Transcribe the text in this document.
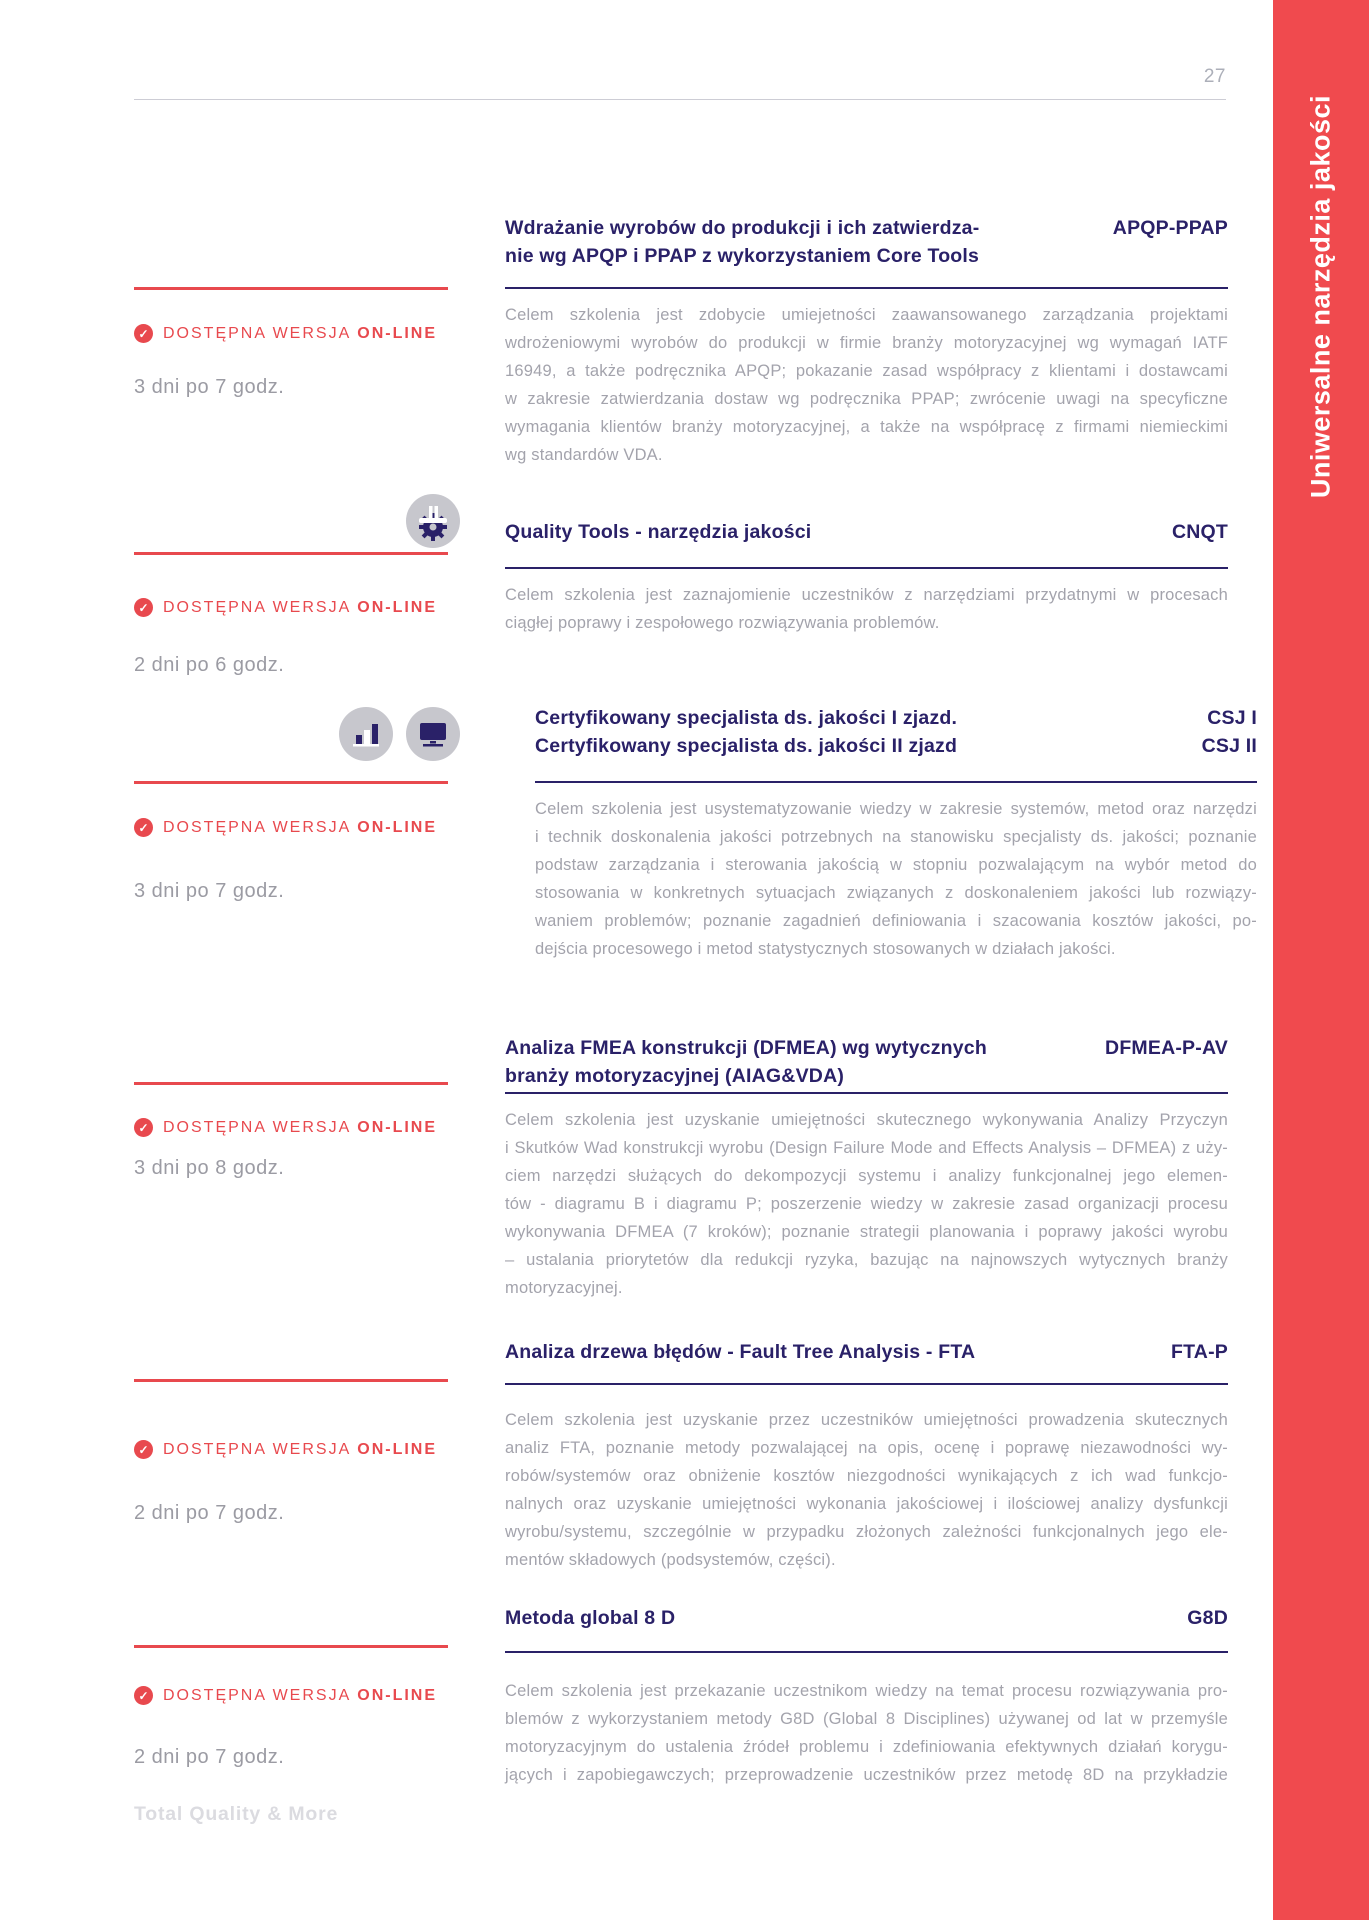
27
Uniwersalne narzędzia jakości
Wdrażanie wyrobów do produkcji i ich zatwierdza-
nie wg APQP i PPAP z wykorzystaniem Core Tools
APQP-PPAP
Celem szkolenia jest zdobycie umiejetności zaawansowanego zarządzania projektami
wdrożeniowymi wyrobów do produkcji w firmie branży motoryzacyjnej wg wymagań IATF
16949, a także podręcznika APQP; pokazanie zasad współpracy z klientami i dostawcami
w zakresie zatwierdzania dostaw wg podręcznika PPAP; zwrócenie uwagi na specyficzne
wymagania klientów branży motoryzacyjnej, a także na współpracę z firmami niemieckimi
wg standardów VDA.
✓ DOSTĘPNA WERSJA ON-LINE
3 dni po 7 godz.
Quality Tools - narzędzia jakości	CNQT
Celem szkolenia jest zaznajomienie uczestników z narzędziami przydatnymi w procesach
ciągłej poprawy i zespołowego rozwiązywania problemów.
✓ DOSTĘPNA WERSJA ON-LINE
2 dni po 6 godz.
Certyfikowany specjalista ds. jakości I zjazd.
Certyfikowany specjalista ds. jakości II zjazd
CSJ I
CSJ II
Celem szkolenia jest usystematyzowanie wiedzy w zakresie systemów, metod oraz narzędzi
i technik doskonalenia jakości potrzebnych na stanowisku specjalisty ds. jakości; poznanie
podstaw zarządzania i sterowania jakością w stopniu pozwalającym na wybór metod do
stosowania w konkretnych sytuacjach związanych z doskonaleniem jakości lub rozwiązy-
waniem problemów; poznanie zagadnień definiowania i szacowania kosztów jakości, po-
dejścia procesowego i metod statystycznych stosowanych w działach jakości.
✓ DOSTĘPNA WERSJA ON-LINE
3 dni po 7 godz.
Analiza FMEA konstrukcji (DFMEA) wg wytycznych
branży motoryzacyjnej (AIAG&VDA)
DFMEA-P-AV
Celem szkolenia jest uzyskanie umiejętności skutecznego wykonywania Analizy Przyczyn
i Skutków Wad konstrukcji wyrobu (Design Failure Mode and Effects Analysis – DFMEA) z uży-
ciem narzędzi służących do dekompozycji systemu i analizy funkcjonalnej jego elemen-
tów - diagramu B i diagramu P; poszerzenie wiedzy w zakresie zasad organizacji procesu
wykonywania DFMEA (7 kroków); poznanie strategii planowania i poprawy jakości wyrobu
– ustalania priorytetów dla redukcji ryzyka, bazując na najnowszych wytycznych branży
motoryzacyjnej.
✓ DOSTĘPNA WERSJA ON-LINE
3 dni po 8 godz.
Analiza drzewa błędów - Fault Tree Analysis - FTA	FTA-P
Celem szkolenia jest uzyskanie przez uczestników umiejętności prowadzenia skutecznych
analiz FTA, poznanie metody pozwalającej na opis, ocenę i poprawę niezawodności wy-
robów/systemów oraz obniżenie kosztów niezgodności wynikających z ich wad funkcjo-
nalnych oraz uzyskanie umiejętności wykonania jakościowej i ilościowej analizy dysfunkcji
wyrobu/systemu, szczególnie w przypadku złożonych zależności funkcjonalnych jego ele-
mentów składowych (podsystemów, części).
✓ DOSTĘPNA WERSJA ON-LINE
2 dni po 7 godz.
Metoda global 8 D	G8D
Celem szkolenia jest przekazanie uczestnikom wiedzy na temat procesu rozwiązywania pro-
blemów z wykorzystaniem metody G8D (Global 8 Disciplines) używanej od lat w przemyśle
motoryzacyjnym do ustalenia źródeł problemu i zdefiniowania efektywnych działań korygu-
jących i zapobiegawczych; przeprowadzenie uczestników przez metodę 8D na przykładzie
✓ DOSTĘPNA WERSJA ON-LINE
2 dni po 7 godz.
Total Quality & More
